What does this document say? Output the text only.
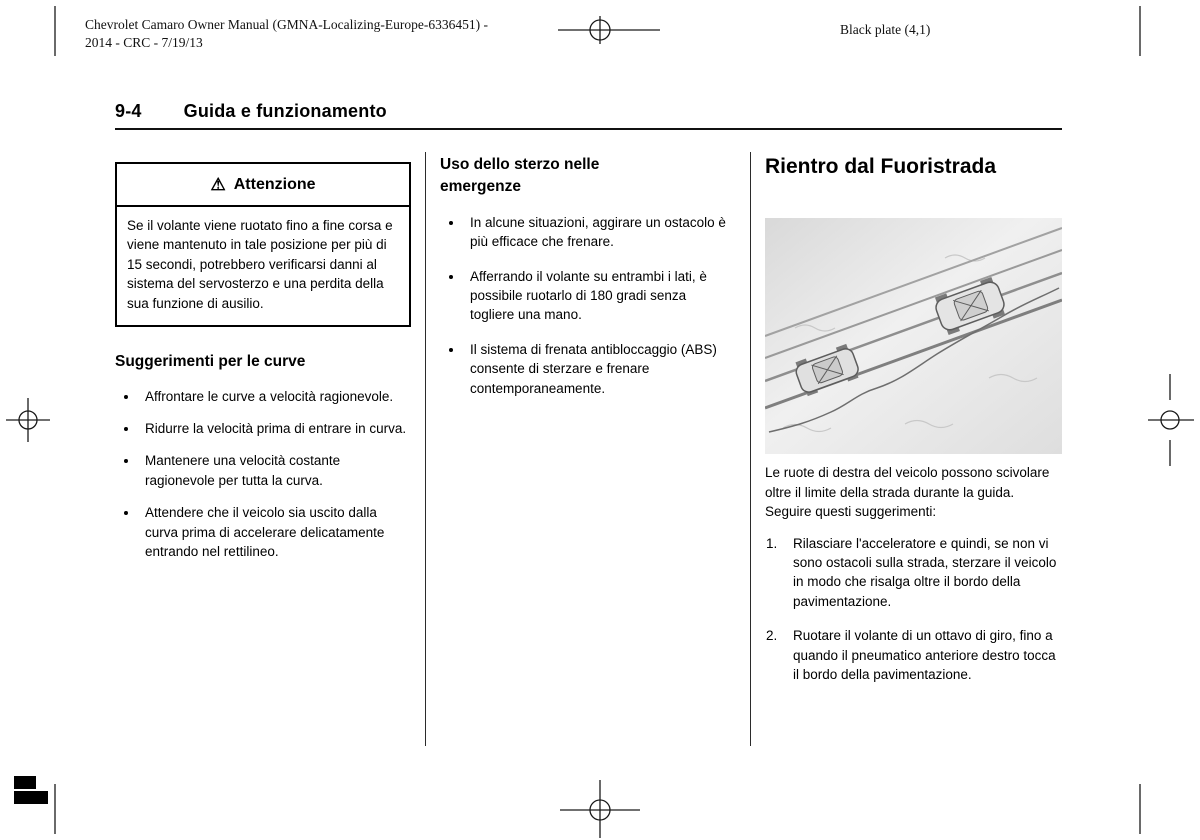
Chevrolet Camaro Owner Manual (GMNA-Localizing-Europe-6336451) -
2014 - CRC - 7/19/13
Black plate (4,1)
9-4 Guida e funzionamento
⚠ Attenzione
Se il volante viene ruotato fino a fine corsa e viene mantenuto in tale posizione per più di 15 secondi, potrebbero verificarsi danni al sistema del servosterzo e una perdita della sua funzione di ausilio.
Suggerimenti per le curve
Affrontare le curve a velocità ragionevole.
Ridurre la velocità prima di entrare in curva.
Mantenere una velocità costante ragionevole per tutta la curva.
Attendere che il veicolo sia uscito dalla curva prima di accelerare delicatamente entrando nel rettilineo.
Uso dello sterzo nelle emergenze
In alcune situazioni, aggirare un ostacolo è più efficace che frenare.
Afferrando il volante su entrambi i lati, è possibile ruotarlo di 180 gradi senza togliere una mano.
Il sistema di frenata antibloccaggio (ABS) consente di sterzare e frenare contemporaneamente.
Rientro dal Fuoristrada

Le ruote di destra del veicolo possono scivolare oltre il limite della strada durante la guida. Seguire questi suggerimenti:

1. Rilasciare l'acceleratore e quindi, se non vi sono ostacoli sulla strada, sterzare il veicolo in modo che risalga oltre il bordo della pavimentazione.
2. Ruotare il volante di un ottavo di giro, fino a quando il pneumatico anteriore destro tocca il bordo della pavimentazione.
